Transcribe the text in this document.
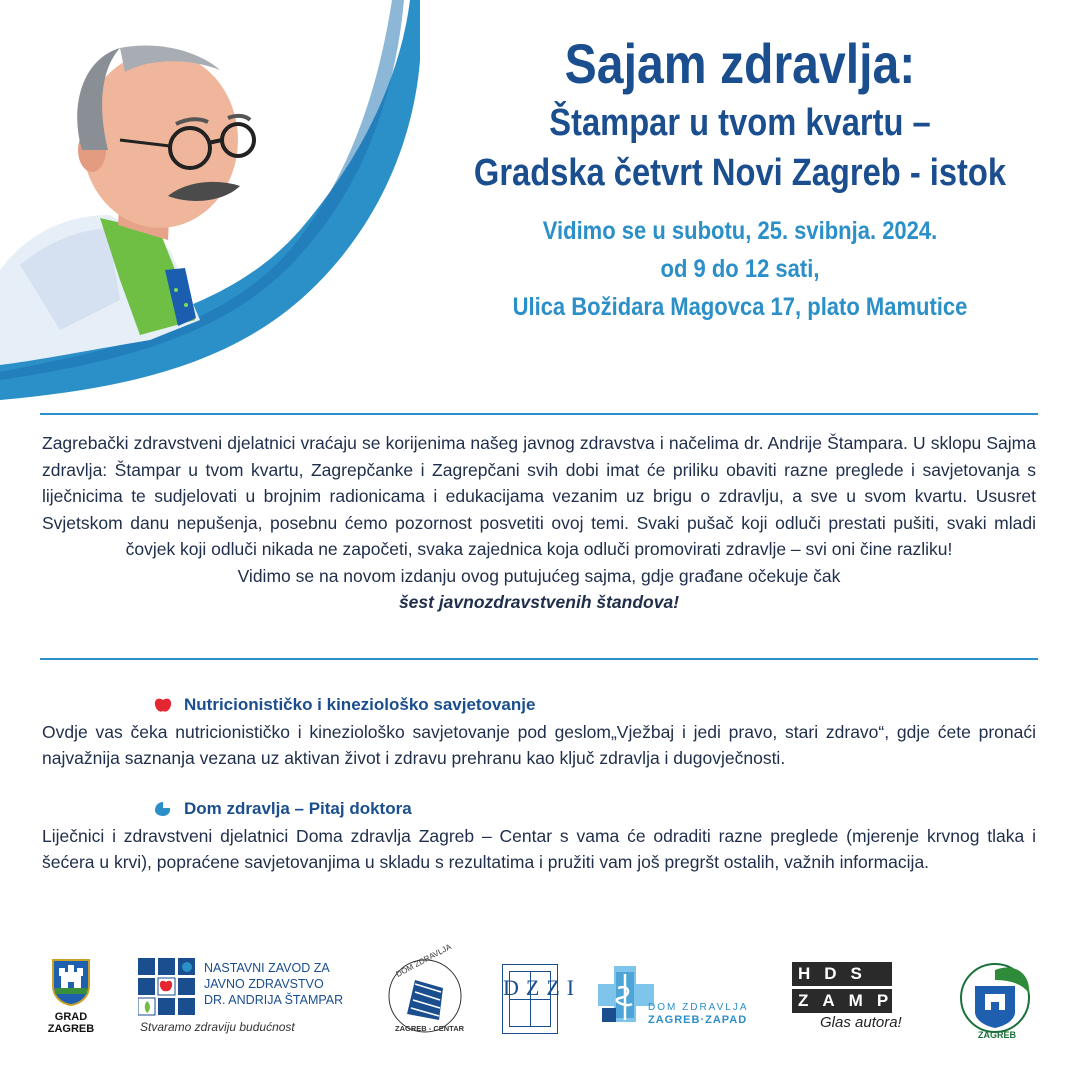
Sajam zdravlja:
Štampar u tvom kvartu –
Gradska četvrt Novi Zagreb - istok
Vidimo se u subotu, 25. svibnja. 2024.
od 9 do 12 sati,
Ulica Božidara Magovca 17, plato Mamutice

Zagrebački zdravstveni djelatnici vraćaju se korijenima našeg javnog zdravstva i načelima dr. Andrije Štampara. U sklopu Sajma zdravlja: Štampar u tvom kvartu, Zagrepčanke i Zagrepčani svih dobi imat će priliku obaviti razne preglede i savjetovanja s liječnicima te sudjelovati u brojnim radionicama i edukacijama vezanim uz brigu o zdravlju, a sve u svom kvartu. Ususret Svjetskom danu nepušenja, posebnu ćemo pozornost posvetiti ovoj temi. Svaki pušač koji odluči prestati pušiti, svaki mladi čovjek koji odluči nikada ne započeti, svaka zajednica koja odluči promovirati zdravlje – svi oni čine razliku!

Vidimo se na novom izdanju ovog putujućeg sajma, gdje građane očekuje čak

šest javnozdravstvenih štandova!

Nutricionističko i kineziološko savjetovanje

Ovdje vas čeka nutricionističko i kineziološko savjetovanje pod geslom„Vježbaj i jedi pravo, stari zdravo“, gdje ćete pronaći najvažnija saznanja vezana uz aktivan život i zdravu prehranu kao ključ zdravlja i dugovječnosti.

Dom zdravlja – Pitaj doktora

Liječnici i zdravstveni djelatnici Doma zdravlja Zagreb – Centar s vama će odraditi razne preglede (mjerenje krvnog tlaka i šećera u krvi), popraćene savjetovanjima u skladu s rezultatima i pružiti vam još pregršt ostalih, važnih informacija.

GRAD
ZAGREB
NASTAVNI ZAVOD ZA
JAVNO ZDRAVSTVO
DR. ANDRIJA ŠTAMPAR
Stvaramo zdraviju budućnost
DOM ZDRAVLJA
ZAGREB - CENTAR
DZZI
DOM ZDRAVLJA
ZAGREB·ZAPAD
HDS
ZAMP
Glas autora!
ZAGREB
